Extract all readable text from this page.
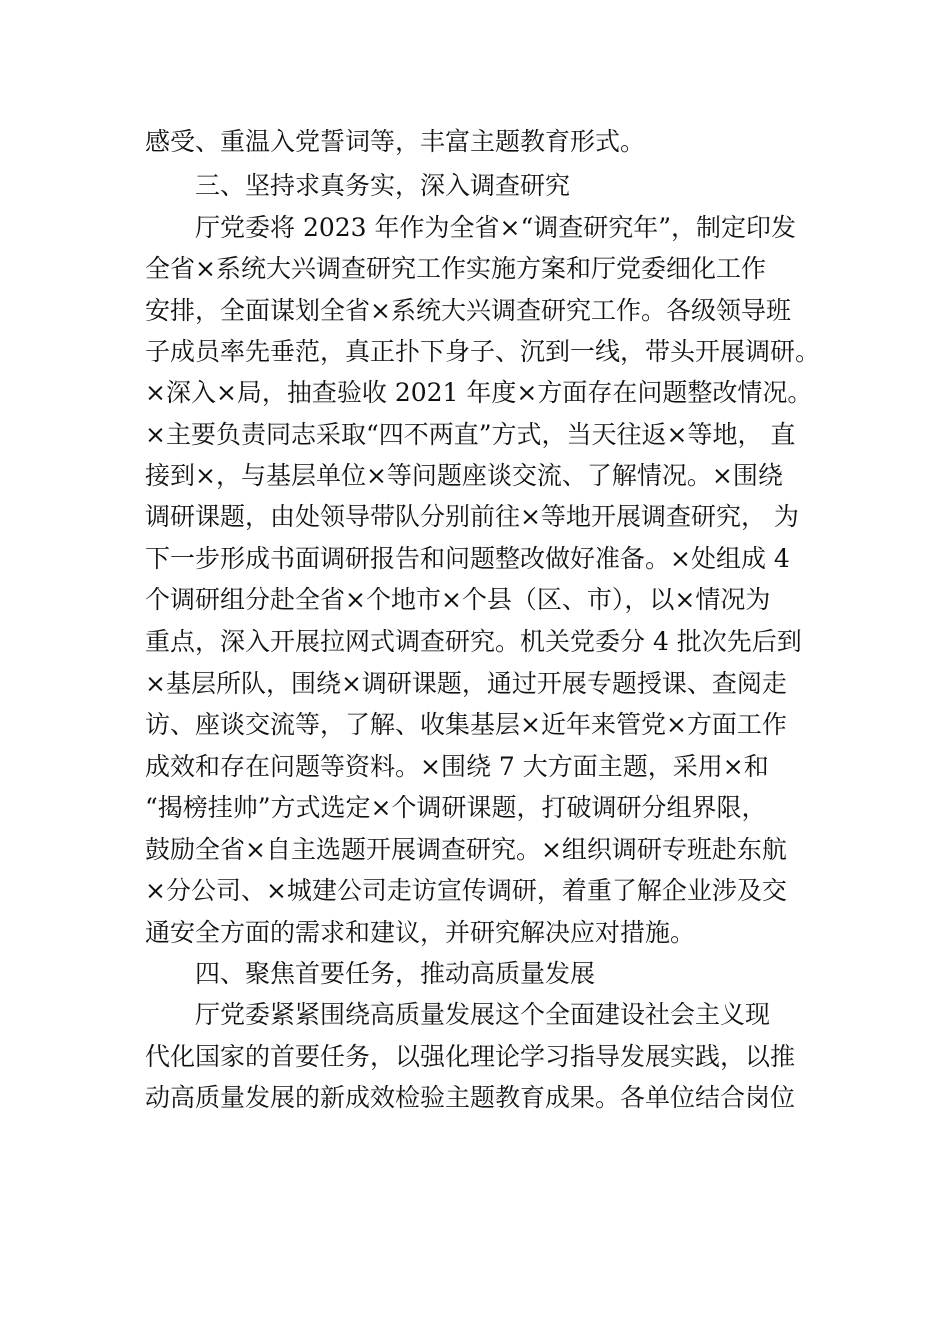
感受、重温入党誓词等，丰富主题教育形式。
三、坚持求真务实，深入调查研究
厅党委将 2023 年作为全省×“调查研究年”，制定印发
全省×系统大兴调查研究工作实施方案和厅党委细化工作
安排，全面谋划全省×系统大兴调查研究工作。各级领导班
子成员率先垂范，真正扑下身子、沉到一线，带头开展调研。
×深入×局，抽查验收 2021 年度×方面存在问题整改情况。
×主要负责同志采取“四不两直”方式，当天往返×等地， 直
接到×，与基层单位×等问题座谈交流、了解情况。×围绕
调研课题，由处领导带队分别前往×等地开展调查研究， 为
下一步形成书面调研报告和问题整改做好准备。×处组成 4
个调研组分赴全省×个地市×个县（区、市），以×情况为
重点，深入开展拉网式调查研究。机关党委分 4 批次先后到
×基层所队，围绕×调研课题，通过开展专题授课、查阅走
访、座谈交流等，了解、收集基层×近年来管党×方面工作
成效和存在问题等资料。×围绕 7 大方面主题，采用×和
“揭榜挂帅”方式选定×个调研课题，打破调研分组界限，
鼓励全省×自主选题开展调查研究。×组织调研专班赴东航
×分公司、×城建公司走访宣传调研，着重了解企业涉及交
通安全方面的需求和建议，并研究解决应对措施。
四、聚焦首要任务，推动高质量发展
厅党委紧紧围绕高质量发展这个全面建设社会主义现
代化国家的首要任务，以强化理论学习指导发展实践，以推
动高质量发展的新成效检验主题教育成果。各单位结合岗位
